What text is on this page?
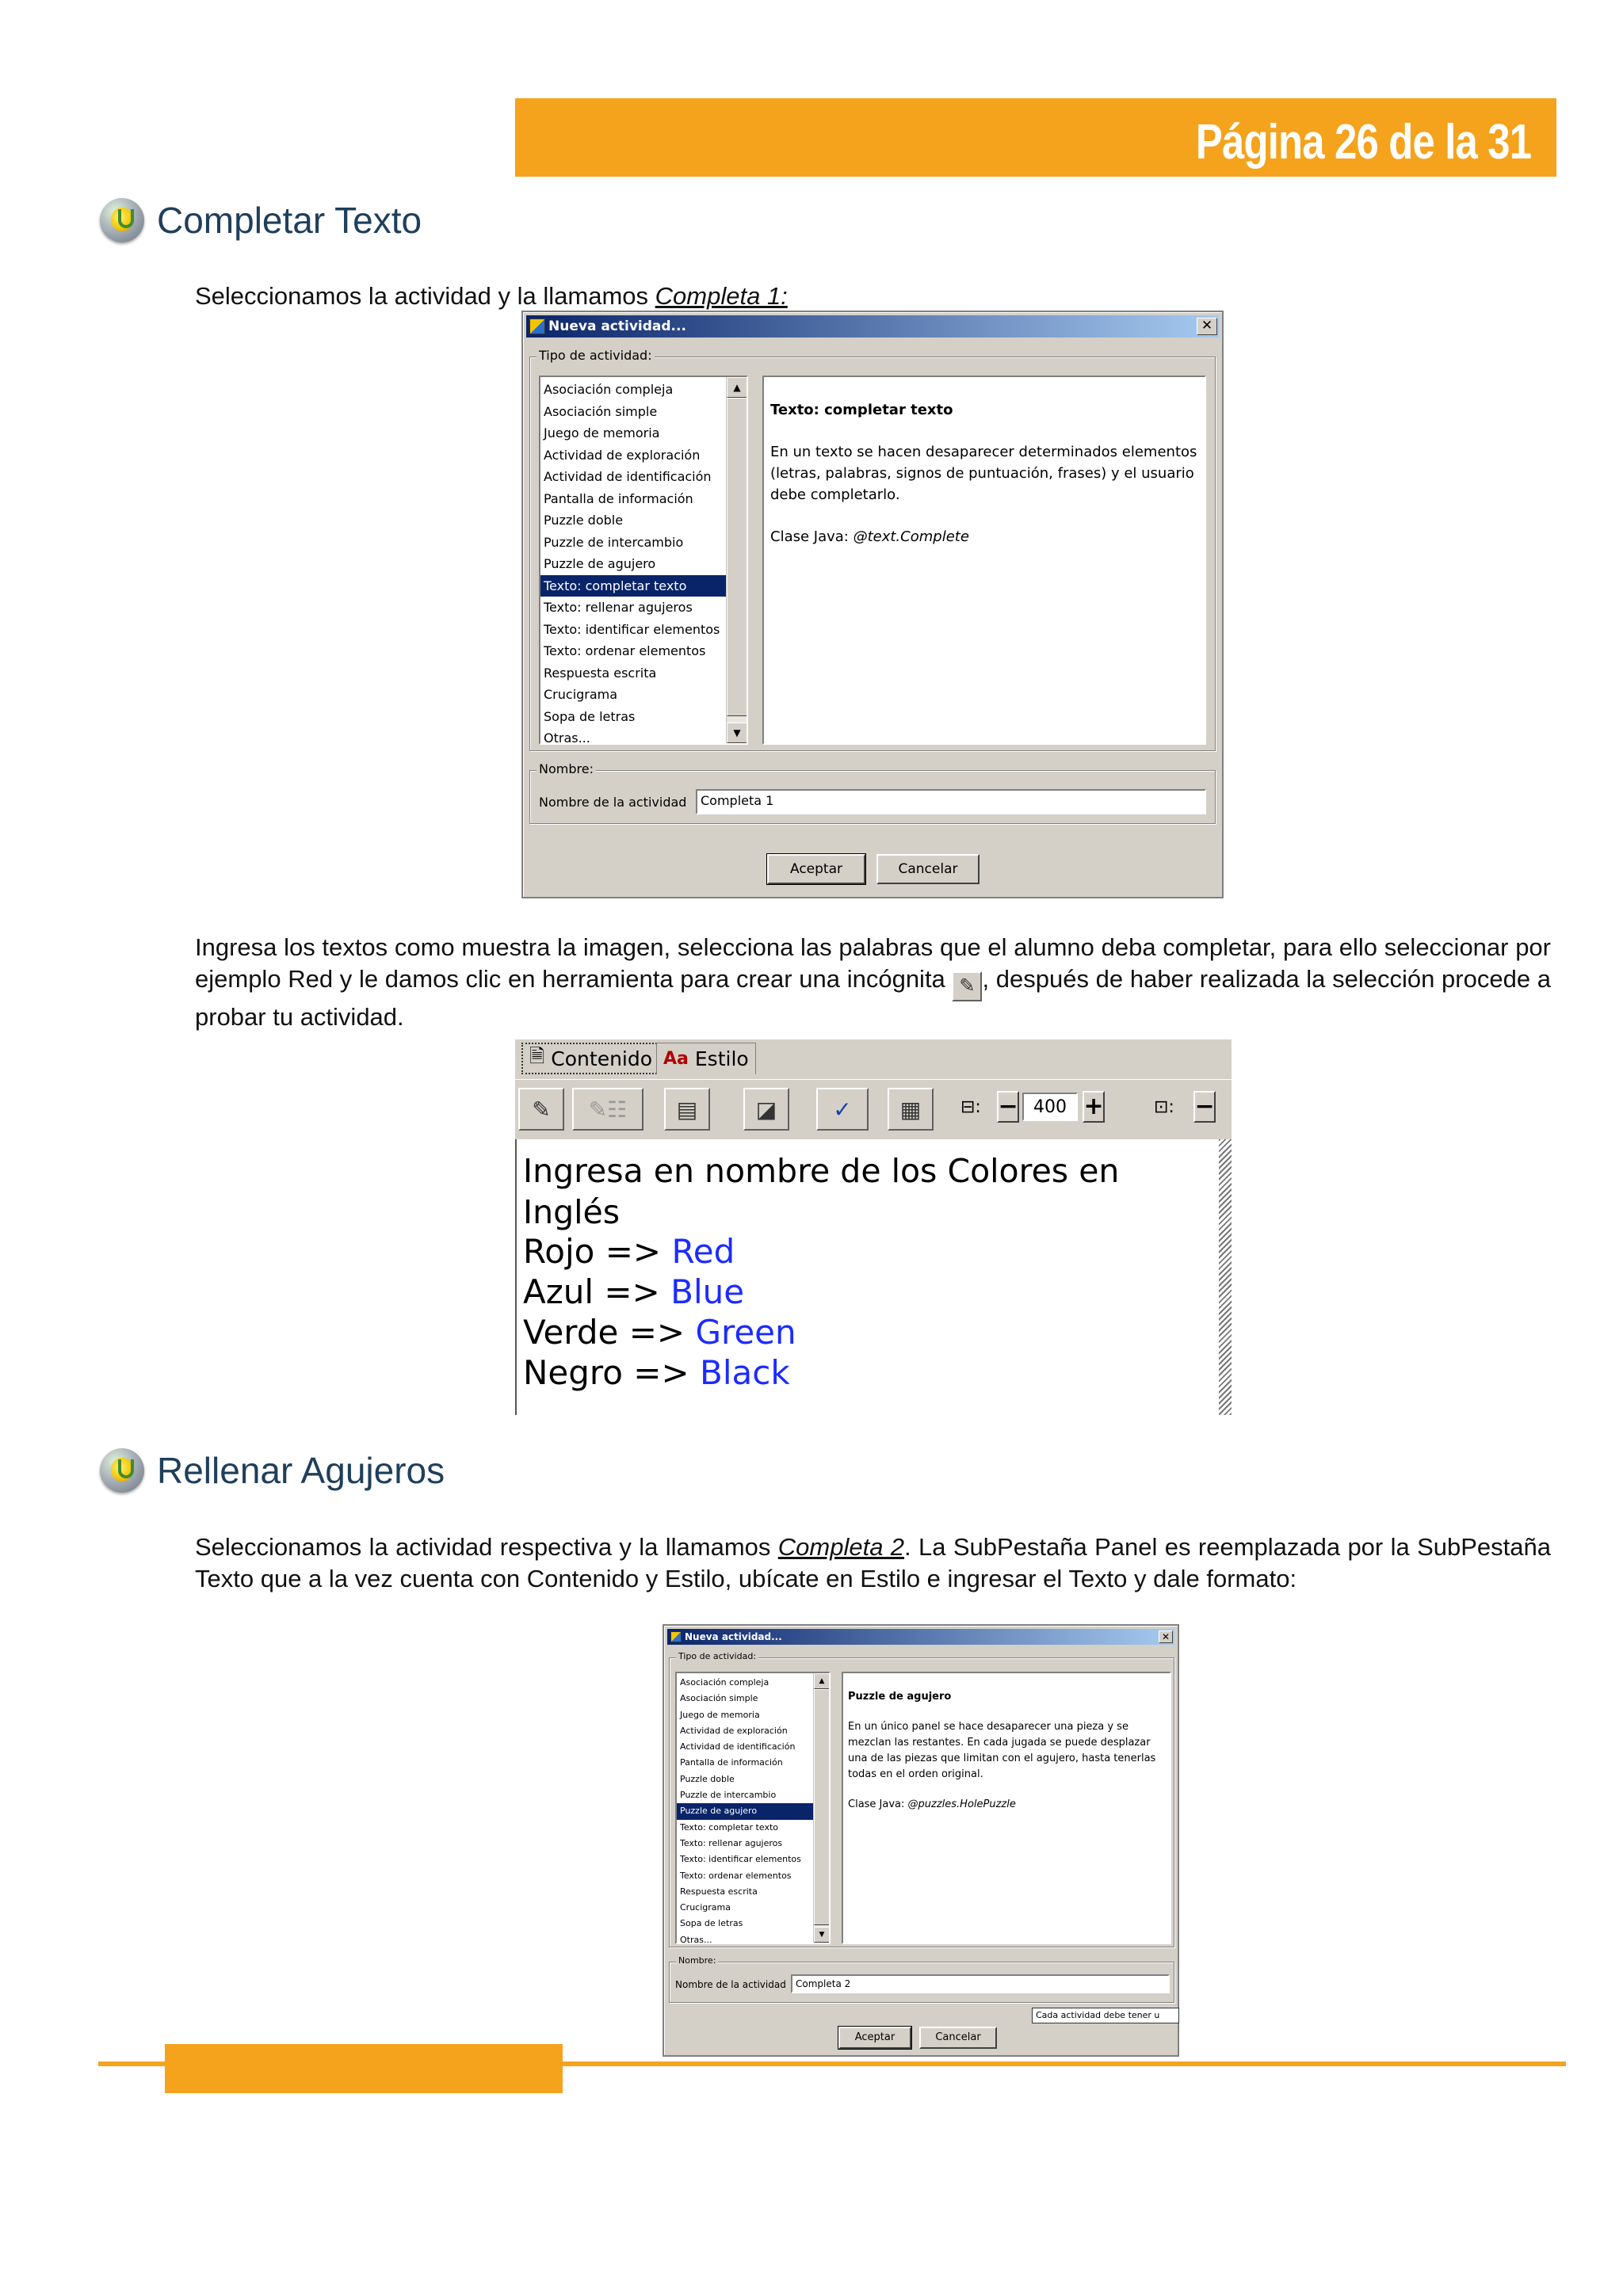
Página 26 de la 31
Completar Texto
Seleccionamos la actividad y la llamamos Completa 1:
Nueva actividad...	✕
Tipo de actividad:
Asociación compleja
Asociación simple
Juego de memoria
Actividad de exploración
Actividad de identificación
Pantalla de información
Puzzle doble
Puzzle de intercambio
Puzzle de agujero
Texto: completar texto
Texto: rellenar agujeros
Texto: identificar elementos
Texto: ordenar elementos
Respuesta escrita
Crucigrama
Sopa de letras
Otras...
▲
▼
Texto: completar texto
En un texto se hacen desaparecer determinados elementos (letras, palabras, signos de puntuación, frases) y el usuario debe completarlo.
Clase Java: @text.Complete
Nombre:
Nombre de la actividad	Completa 1
Aceptar	Cancelar
Ingresa los textos como muestra la imagen, selecciona las palabras que el alumno deba completar, para ello seleccionar por ejemplo Red y le damos clic en herramienta para crear una incógnita ✎ , después de haber realizada la selección procede a probar tu actividad.
🗎 Contenido Aa Estilo
✎	✎☷	▤	◪	✓	▦	⊟: − 400 +	⊡: −
Ingresa en nombre de los Colores en Inglés
Rojo => Red
Azul => Blue
Verde => Green
Negro => Black
Rellenar Agujeros
Seleccionamos la actividad respectiva y la llamamos Completa 2. La SubPestaña Panel es reemplazada por la SubPestaña Texto que a la vez cuenta con Contenido y Estilo, ubícate en Estilo e ingresar el Texto y dale formato:
Nueva actividad...	✕
Tipo de actividad:
Asociación compleja
Asociación simple
Juego de memoria
Actividad de exploración
Actividad de identificación
Pantalla de información
Puzzle doble
Puzzle de intercambio
Puzzle de agujero
Texto: completar texto
Texto: rellenar agujeros
Texto: identificar elementos
Texto: ordenar elementos
Respuesta escrita
Crucigrama
Sopa de letras
Otras...
▲
▼
Puzzle de agujero
En un único panel se hace desaparecer una pieza y se mezclan las restantes. En cada jugada se puede desplazar una de las piezas que limitan con el agujero, hasta tenerlas todas en el orden original.
Clase Java: @puzzles.HolePuzzle
Nombre:
Nombre de la actividad	Completa 2
Cada actividad debe tener u
Aceptar	Cancelar
